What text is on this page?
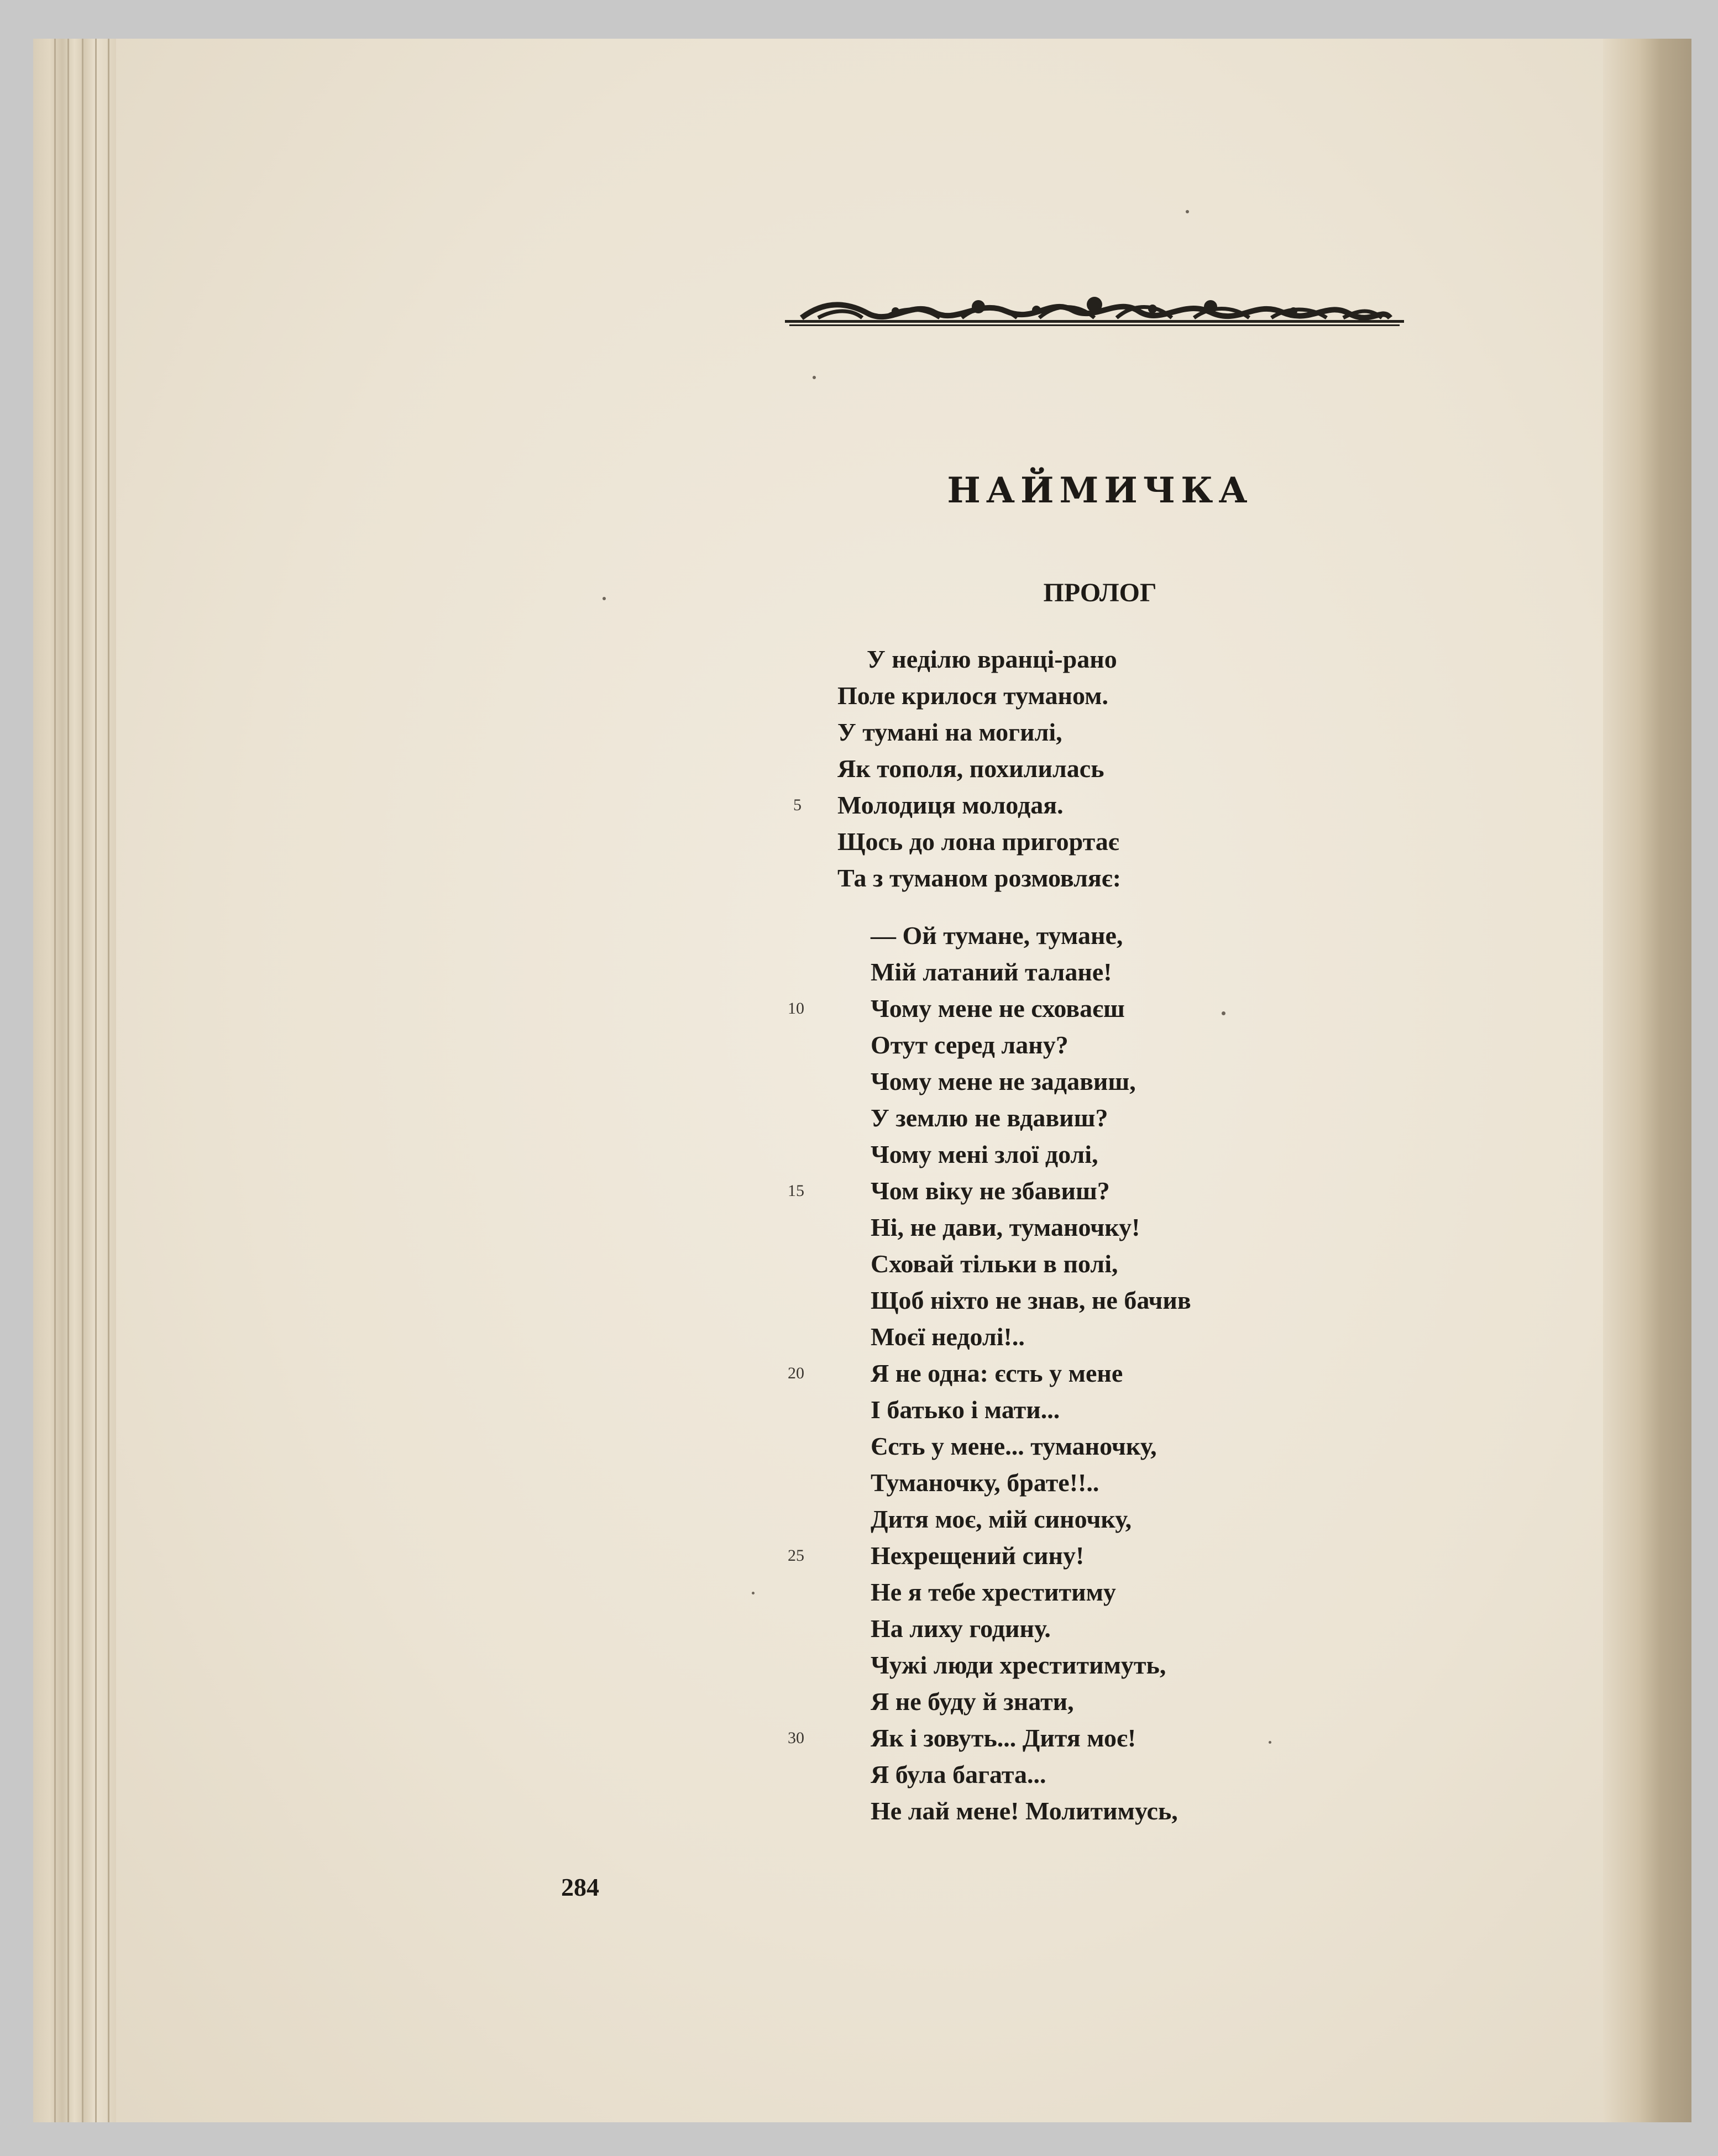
НАЙМИЧКА
ПРОЛОГ
У неділю вранці-рано
Поле крилося туманом.
У тумані на могилі,
Як тополя, похилилась
5 Молодиця молодая.
Щось до лона пригортає
Та з туманом розмовляє:
— Ой тумане, тумане,
Мій латаний талане!
10	Чому мене не сховаєш
Отут серед лану?
Чому мене не задавиш,
У землю не вдавиш?
Чому мені злої долі,
15	Чом віку не збавиш?
Ні, не дави, туманочку!
Сховай тільки в полі,
Щоб ніхто не знав, не бачив
Моєї недолі!..
20	Я не одна: єсть у мене
І батько і мати...
Єсть у мене... туманочку,
Туманочку, брате!!..
Дитя моє, мій синочку,
25	Нехрещений сину!
Не я тебе хреститиму
На лиху годину.
Чужі люди хреститимуть,
Я не буду й знати,
30	Як і зовуть... Дитя моє!
Я була багата...
Не лай мене! Молитимусь,
284
